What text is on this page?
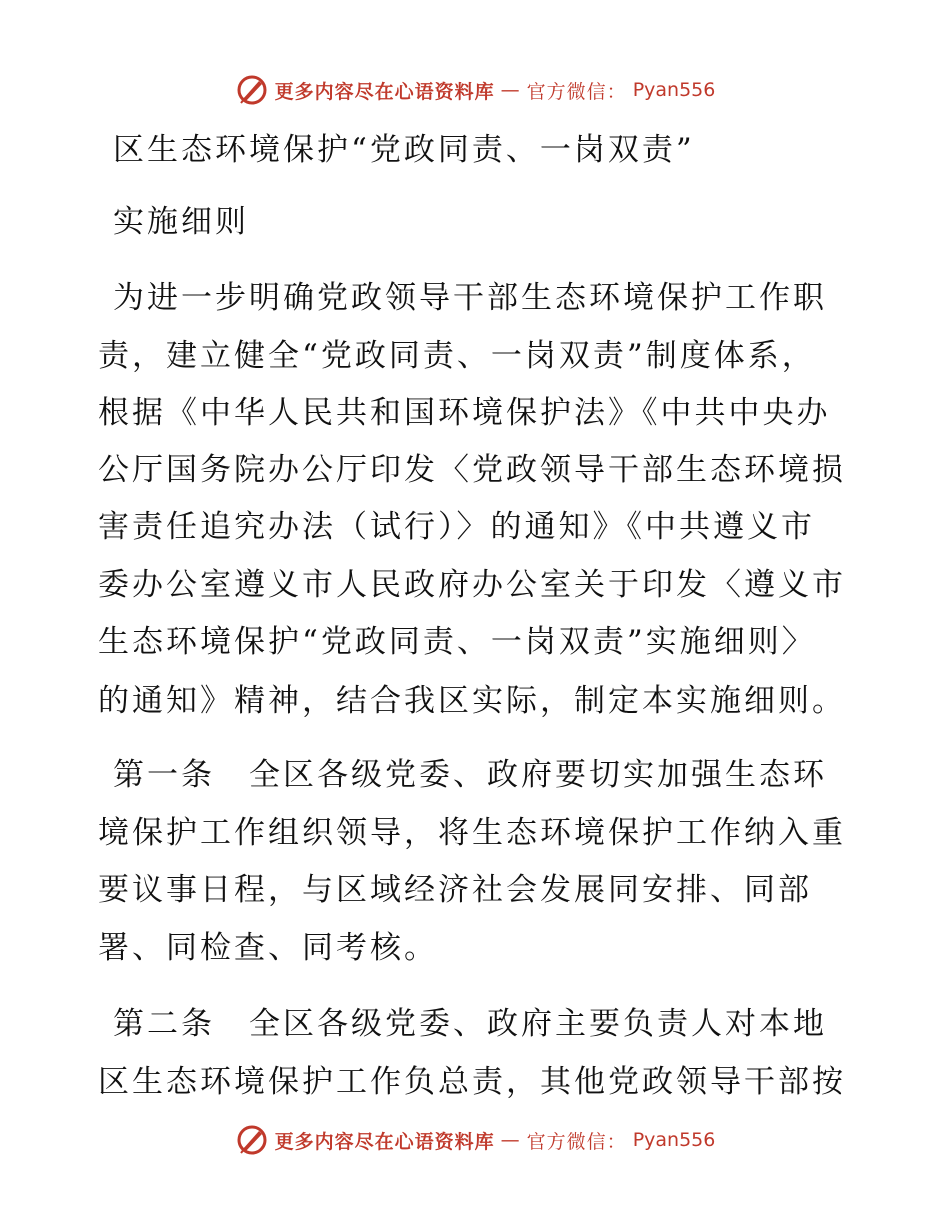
更多内容尽在心语资料库 — 官方微信： Pyan556
区生态环境保护“党政同责、一岗双责”
实施细则
为进一步明确党政领导干部生态环境保护工作职
责，建立健全“党政同责、一岗双责”制度体系，
根据《中华人民共和国环境保护法》《中共中央办
公厅国务院办公厅印发〈党政领导干部生态环境损
害责任追究办法（试行）〉的通知》《中共遵义市
委办公室遵义市人民政府办公室关于印发〈遵义市
生态环境保护“党政同责、一岗双责”实施细则〉
的通知》精神，结合我区实际，制定本实施细则。
第一条　全区各级党委、政府要切实加强生态环
境保护工作组织领导，将生态环境保护工作纳入重
要议事日程，与区域经济社会发展同安排、同部
署、同检查、同考核。
第二条　全区各级党委、政府主要负责人对本地
区生态环境保护工作负总责，其他党政领导干部按
更多内容尽在心语资料库 — 官方微信： Pyan556
